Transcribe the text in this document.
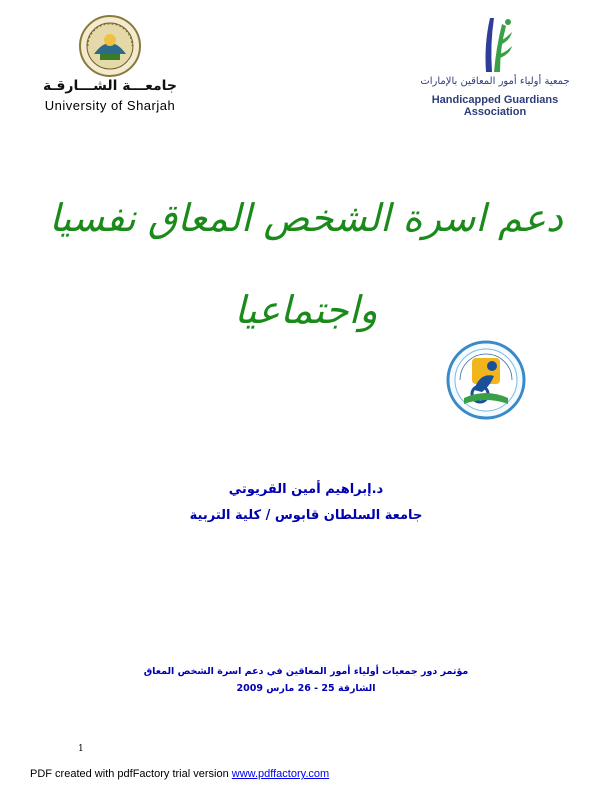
جامعـــة الشـــارقـة
University of Sharjah
جمعية أولياء أمور المعاقين بالإمارات
Handicapped Guardians Association
دعم اسرة الشخص المعاق نفسيا
واجتماعيا
د.إبراهيم أمين القريوتي
جامعة السلطان قابوس / كلية التربية
مؤتمر دور جمعيات أولياء أمور المعاقين في دعم اسرة الشخص المعاق
الشارقة 25 - 26 مارس 2009
1
PDF created with pdfFactory trial version www.pdffactory.com
